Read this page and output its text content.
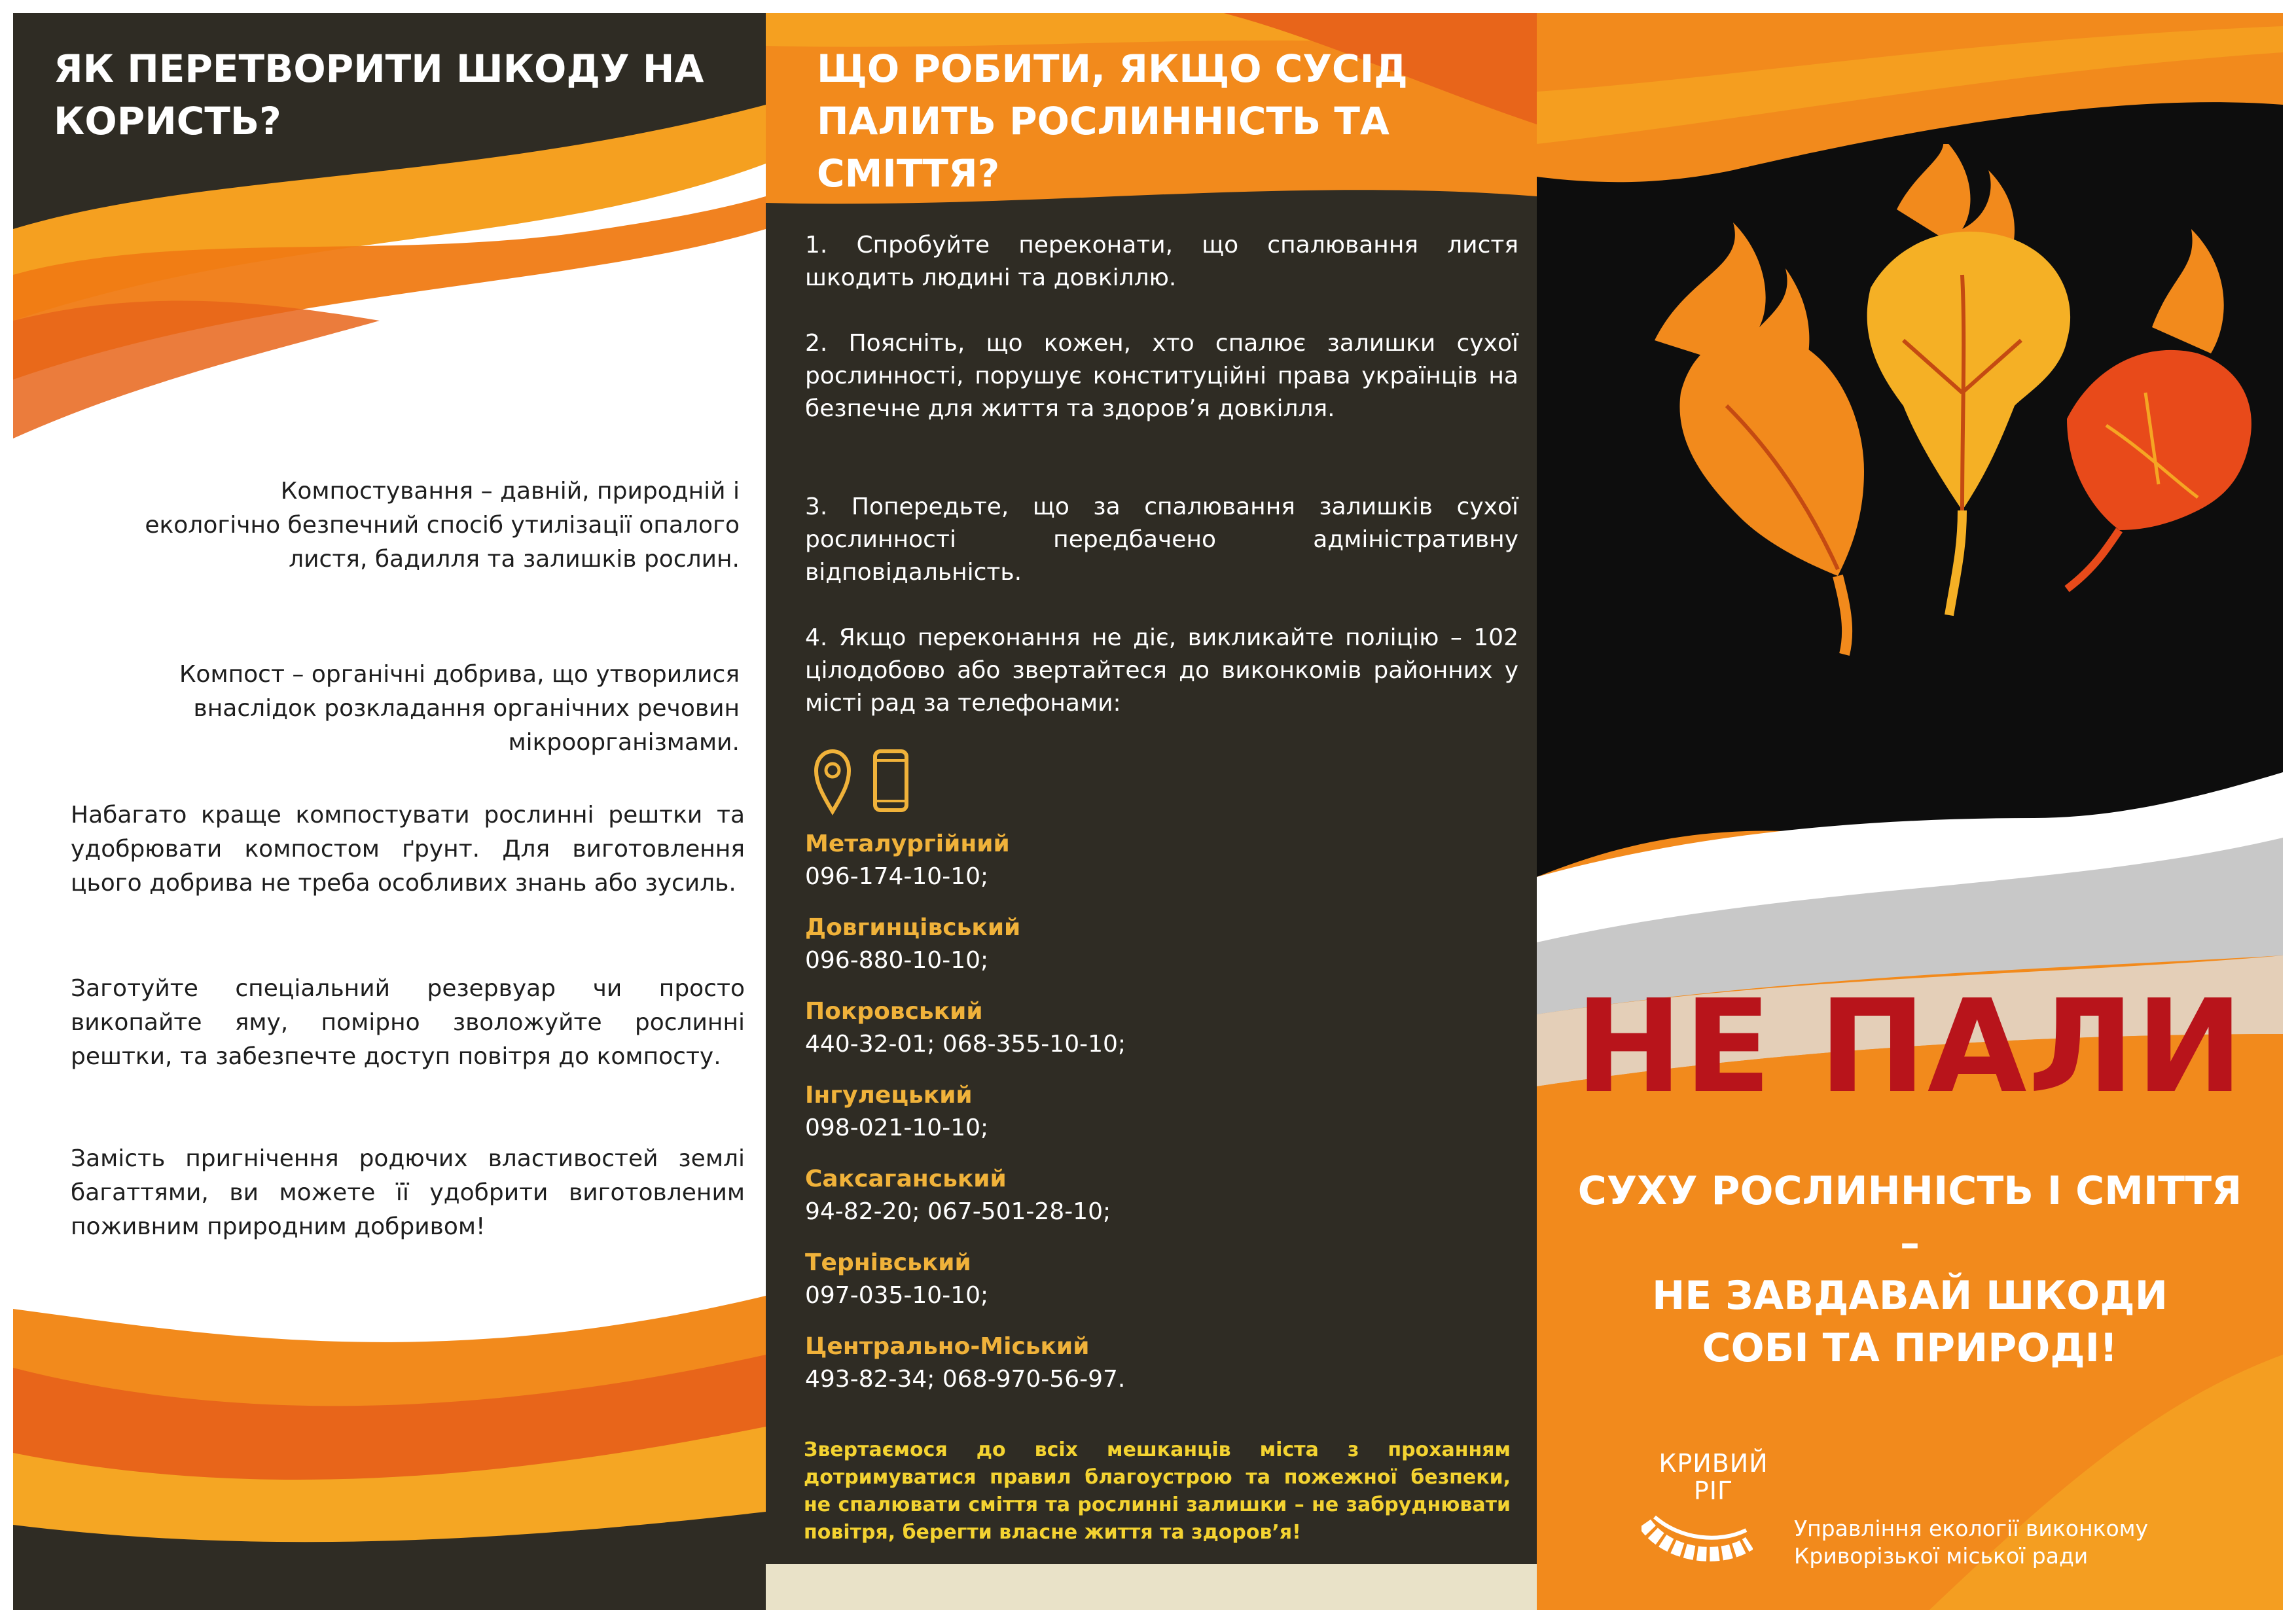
ЯК ПЕРЕТВОРИТИ ШКОДУ НА КОРИСТЬ?
Компостування – давній, природній і екологічно безпечний спосіб утилізації опалого листя, бадилля та залишків рослин.
Компост – органічні добрива, що утворилися внаслідок розкладання органічних речовин мікроорганізмами.
Набагато краще компостувати рослинні рештки та удобрювати компостом ґрунт. Для виготовлення цього добрива не треба особливих знань або зусиль.
Заготуйте спеціальний резервуар чи просто викопайте яму, помірно зволожуйте рослинні рештки, та забезпечте доступ повітря до компосту.
Замість пригнічення родючих властивостей землі багаттями, ви можете її удобрити виготовленим поживним природним добривом!
ЩО РОБИТИ, ЯКЩО СУСІД ПАЛИТЬ РОСЛИННІСТЬ ТА СМІТТЯ?
1. Спробуйте переконати, що спалювання листя шкодить людині та довкіллю.
2. Поясніть, що кожен, хто спалює залишки сухої рослинності, порушує конституційні права українців на безпечне для життя та здоров’я довкілля.
3. Попередьте, що за спалювання залишків сухої рослинності передбачено адміністративну відповідальність.
4. Якщо переконання не діє, викликайте поліцію – 102 цілодобово або звертайтеся до виконкомів районних у місті рад за телефонами:
Металургійний
096-174-10-10;
Довгинцівський
096-880-10-10;
Покровський
440-32-01; 068-355-10-10;
Інгулецький
098-021-10-10;
Саксаганський
94-82-20; 067-501-28-10;
Тернівський
097-035-10-10;
Центрально-Міський
493-82-34; 068-970-56-97.
Звертаємося до всіх мешканців міста з проханням дотримуватися правил благоустрою та пожежної безпеки, не спалювати сміття та рослинні залишки – не забруднювати повітря, берегти власне життя та здоров’я!
НЕ ПАЛИ
СУХУ РОСЛИННІСТЬ І СМІТТЯ –
НЕ ЗАВДАВАЙ ШКОДИ
СОБІ ТА ПРИРОДІ!
КРИВИЙ
РІГ
Управління екології виконкому
Криворізької міської ради
